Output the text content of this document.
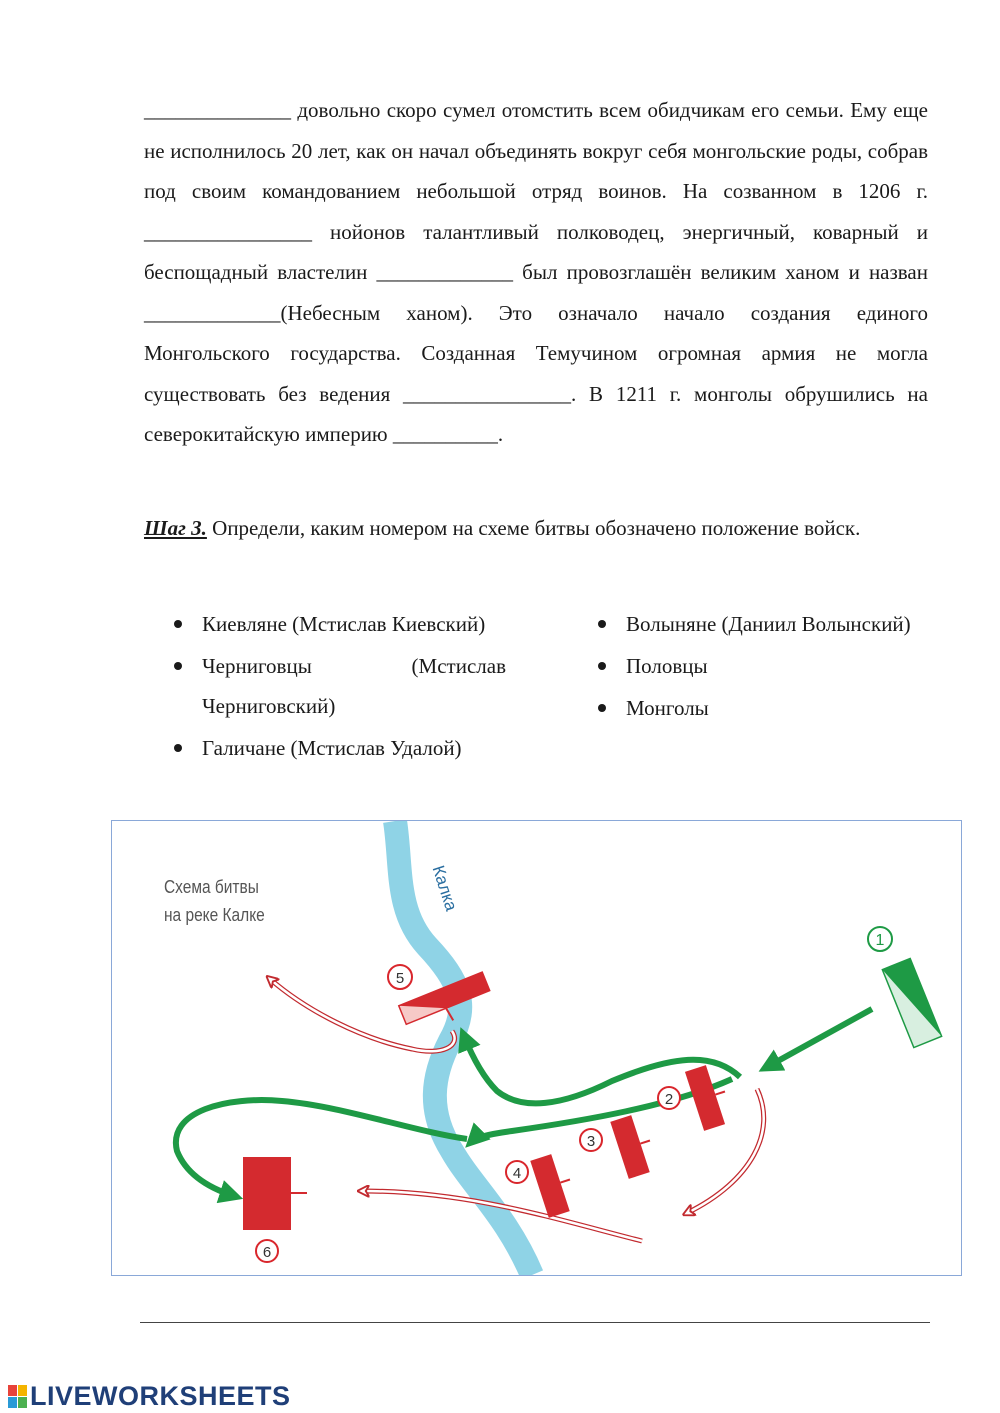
______________ довольно скоро сумел отомстить всем обидчикам его семьи. Ему еще не исполнилось 20 лет, как он начал объединять вокруг себя монгольские роды, собрав под своим командованием небольшой отряд воинов. На созванном в 1206 г. ________________ нойонов талантливый полководец, энергичный, коварный и беспощадный властелин _____________ был провозглашён великим ханом и назван _____________(Небесным ханом). Это означало начало создания единого Монгольского государства. Созданная Темучином огромная армия не могла существовать без ведения ________________. В 1211 г. монголы обрушились на северокитайскую империю __________.

Шаг 3. Определи, каким номером на схеме битвы обозначено положение войск.

Киевляне (Мстислав Киевский)
Черниговцы (Мстислав Черниговский)
Галичане (Мстислав Удалой)
Волыняне (Даниил Волынский)
Половцы
Монголы
1
2
3
4
5
6
Калка
Схема битвы
на реке Калке
LIVEWORKSHEETS
